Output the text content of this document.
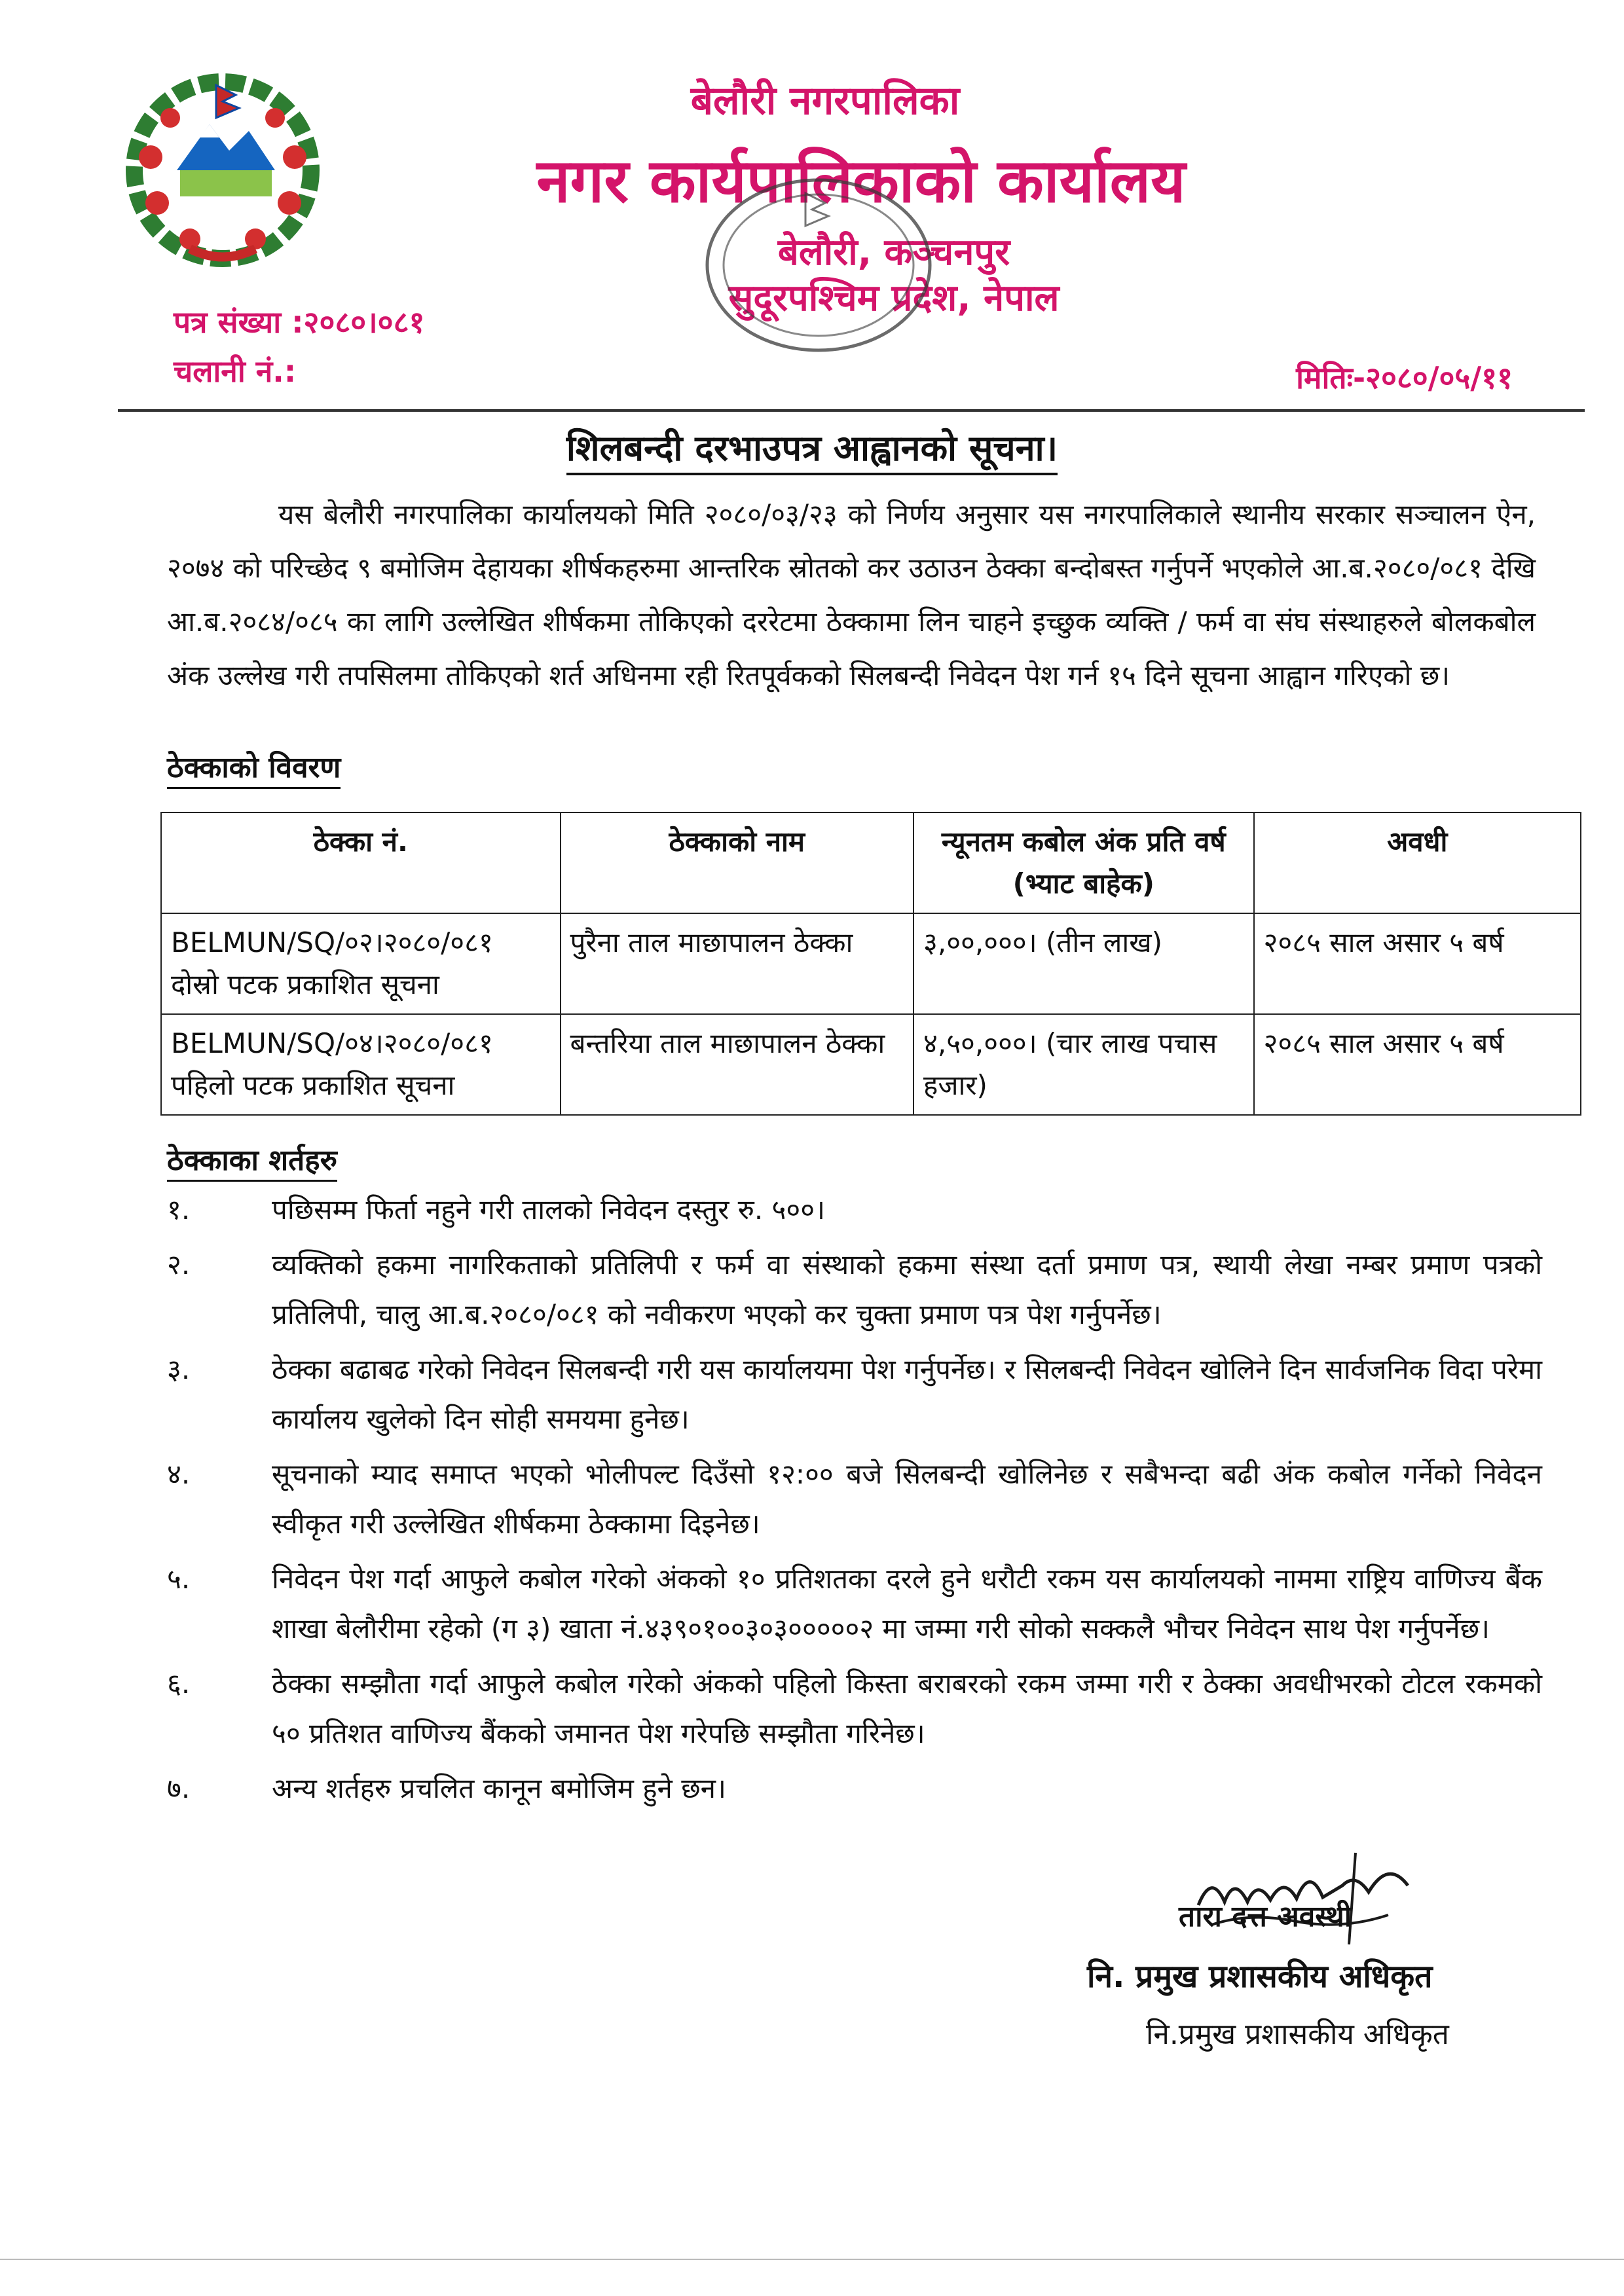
बेलौरी नगरपालिका
नगर कार्यपालिकाको कार्यालय
बेलौरी, कञ्चनपुर
सुदूरपश्चिम प्रदेश, नेपाल
पत्र संख्या :२०८०।०८१
चलानी नं.:	मितिः-२०८०/०५/११
शिलबन्दी दरभाउपत्र आह्वानको सूचना।
यस बेलौरी नगरपालिका कार्यालयको मिति २०८०/०३/२३ को निर्णय अनुसार यस नगरपालिकाले स्थानीय सरकार सञ्चालन ऐन, २०७४ को परिच्छेद ९ बमोजिम देहायका शीर्षकहरुमा आन्तरिक स्रोतको कर उठाउन ठेक्का बन्दोबस्त गर्नुपर्ने भएकोले आ.ब.२०८०/०८१ देखि आ.ब.२०८४/०८५ का लागि उल्लेखित शीर्षकमा तोकिएको दररेटमा ठेक्कामा लिन चाहने इच्छुक व्यक्ति / फर्म वा संघ संस्थाहरुले बोलकबोल अंक उल्लेख गरी तपसिलमा तोकिएको शर्त अधिनमा रही रितपूर्वकको सिलबन्दी निवेदन पेश गर्न १५ दिने सूचना आह्वान गरिएको छ।
ठेक्काको विवरण
ठेक्का नं.	ठेक्काको नाम	न्यूनतम कबोल अंक प्रति वर्ष (भ्याट बाहेक)	अवधी

BELMUN/SQ/०२।२०८०/०८१
दोस्रो पटक प्रकाशित सूचना	पुरैना ताल माछापालन ठेक्का	३,००,०००। (तीन लाख)	२०८५ साल असार ५ बर्ष

BELMUN/SQ/०४।२०८०/०८१
पहिलो पटक प्रकाशित सूचना	बन्तरिया ताल माछापालन ठेक्का	४,५०,०००। (चार लाख पचास हजार)	२०८५ साल असार ५ बर्ष
ठेक्काका शर्तहरु
१.	पछिसम्म फिर्ता नहुने गरी तालको निवेदन दस्तुर रु. ५००।
२.	व्यक्तिको हकमा नागरिकताको प्रतिलिपी र फर्म वा संस्थाको हकमा संस्था दर्ता प्रमाण पत्र, स्थायी लेखा नम्बर प्रमाण पत्रको प्रतिलिपी, चालु आ.ब.२०८०/०८१ को नवीकरण भएको कर चुक्ता प्रमाण पत्र पेश गर्नुपर्नेछ।
३.	ठेक्का बढाबढ गरेको निवेदन सिलबन्दी गरी यस कार्यालयमा पेश गर्नुपर्नेछ। र सिलबन्दी निवेदन खोलिने दिन सार्वजनिक विदा परेमा कार्यालय खुलेको दिन सोही समयमा हुनेछ।
४.	सूचनाको म्याद समाप्त भएको भोलीपल्ट दिउँसो १२:०० बजे सिलबन्दी खोलिनेछ र सबैभन्दा बढी अंक कबोल गर्नेको निवेदन स्वीकृत गरी उल्लेखित शीर्षकमा ठेक्कामा दिइनेछ।
५.	निवेदन पेश गर्दा आफुले कबोल गरेको अंकको १० प्रतिशतका दरले हुने धरौटी रकम यस कार्यालयको नाममा राष्ट्रिय वाणिज्य बैंक शाखा बेलौरीमा रहेको (ग ३) खाता नं.४३९०१००३०३०००००२ मा जम्मा गरी सोको सक्कलै भौचर निवेदन साथ पेश गर्नुपर्नेछ।
६.	ठेक्का सम्झौता गर्दा आफुले कबोल गरेको अंकको पहिलो किस्ता बराबरको रकम जम्मा गरी र ठेक्का अवधीभरको टोटल रकमको ५० प्रतिशत वाणिज्य बैंकको जमानत पेश गरेपछि सम्झौता गरिनेछ।
७.	अन्य शर्तहरु प्रचलित कानून बमोजिम हुने छन।
तारा दत्त अवस्थी
नि. प्रमुख प्रशासकीय अधिकृत
नि.प्रमुख प्रशासकीय अधिकृत
